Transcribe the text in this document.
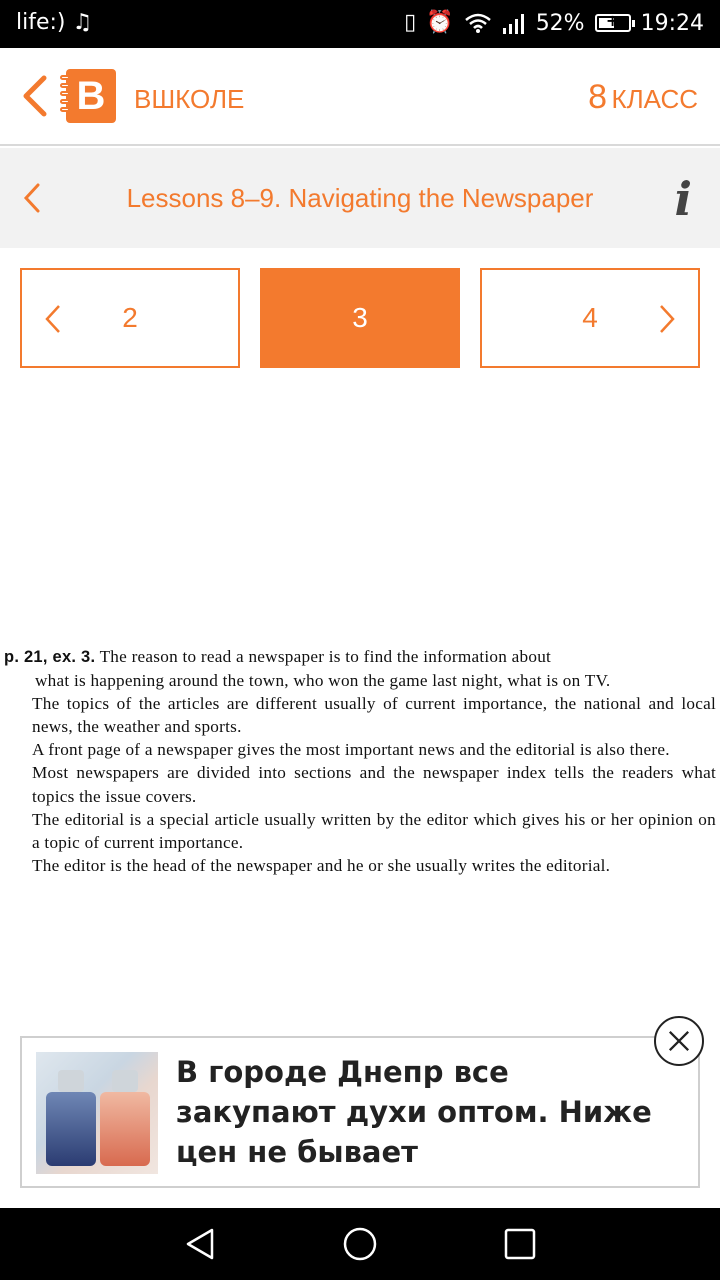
life:) ♫	▯ ⏰	52%	+ 19:24
В	ВШКОЛЕ	8 КЛАСС
Lessons 8–9. Navigating the Newspaper	i
2	3	4

p. 21, ex. 3. The reason to read a newspaper is to find the information about
what is happening around the town, who won the game last night, what is on TV.

The topics of the articles are different usually of current importance, the national and local news, the weather and sports.

A front page of a newspaper gives the most important news and the editorial is also there.

Most newspapers are divided into sections and the newspaper index tells the readers what topics the issue covers.

The editorial is a special article usually written by the editor which gives his or her opinion on a topic of current importance.

The editor is the head of the newspaper and he or she usually writes the editorial.

В городе Днепр все закупают духи оптом. Ниже цен не бывает
